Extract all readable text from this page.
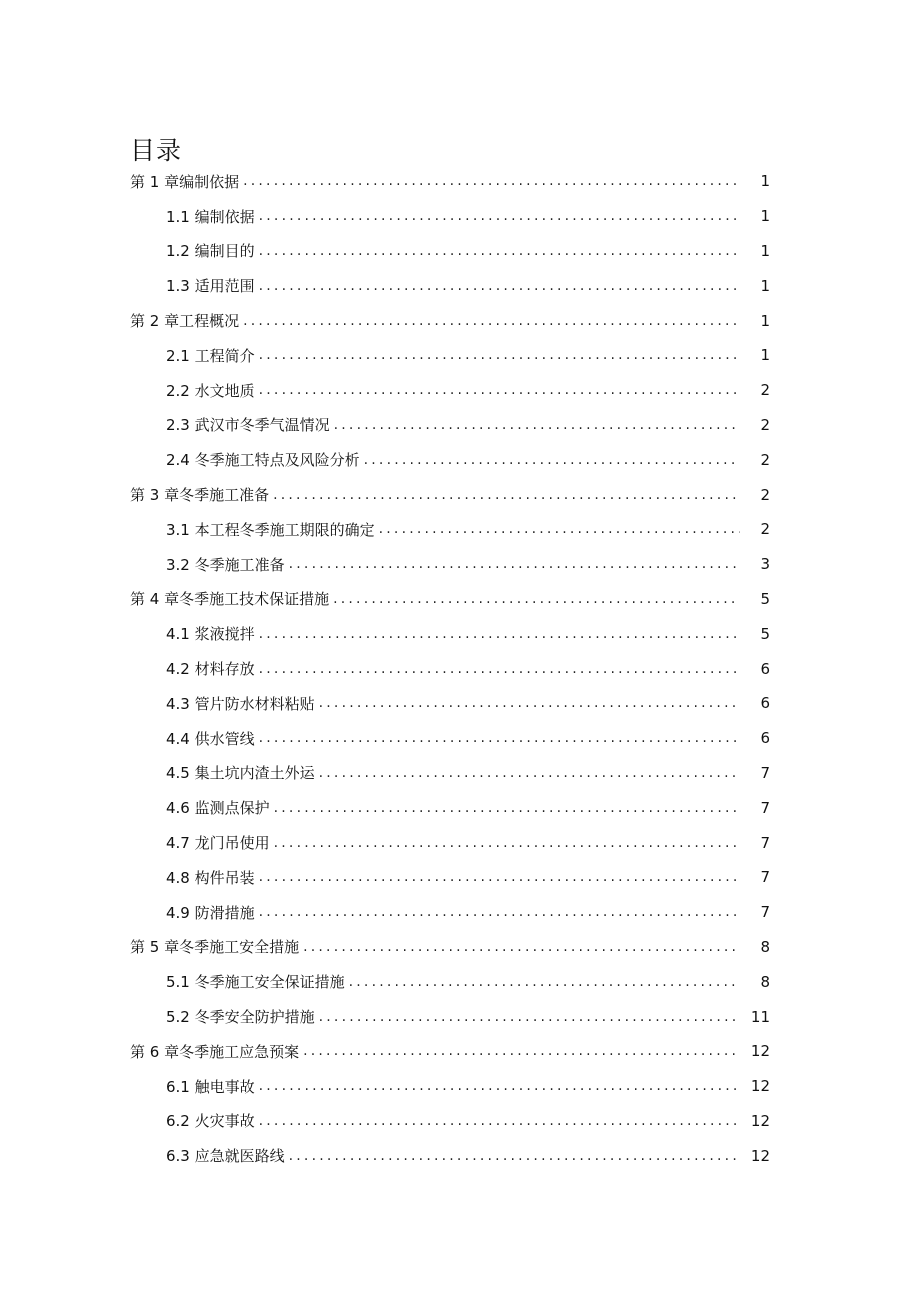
目录
第 1 章编制依据 .....	1
1.1 编制依据 .....	1
1.2 编制目的 .....	1
1.3 适用范围 .....	1
第 2 章工程概况 .....	1
2.1 工程简介 .....	1
2.2 水文地质 .....	2
2.3 武汉市冬季气温情况 .....	2
2.4 冬季施工特点及风险分析 .....	2
第 3 章冬季施工准备 .....	2
3.1 本工程冬季施工期限的确定 .....	2
3.2 冬季施工准备 .....	3
第 4 章冬季施工技术保证措施 .....	5
4.1 浆液搅拌 .....	5
4.2 材料存放 .....	6
4.3 管片防水材料粘贴 .....	6
4.4 供水管线 .....	6
4.5 集土坑内渣土外运 .....	7
4.6 监测点保护 .....	7
4.7 龙门吊使用 .....	7
4.8 构件吊装 .....	7
4.9 防滑措施 .....	7
第 5 章冬季施工安全措施 .....	8
5.1 冬季施工安全保证措施 .....	8
5.2 冬季安全防护措施 .....	11
第 6 章冬季施工应急预案 .....	12
6.1 触电事故 .....	12
6.2 火灾事故 .....	12
6.3 应急就医路线 .....	12
